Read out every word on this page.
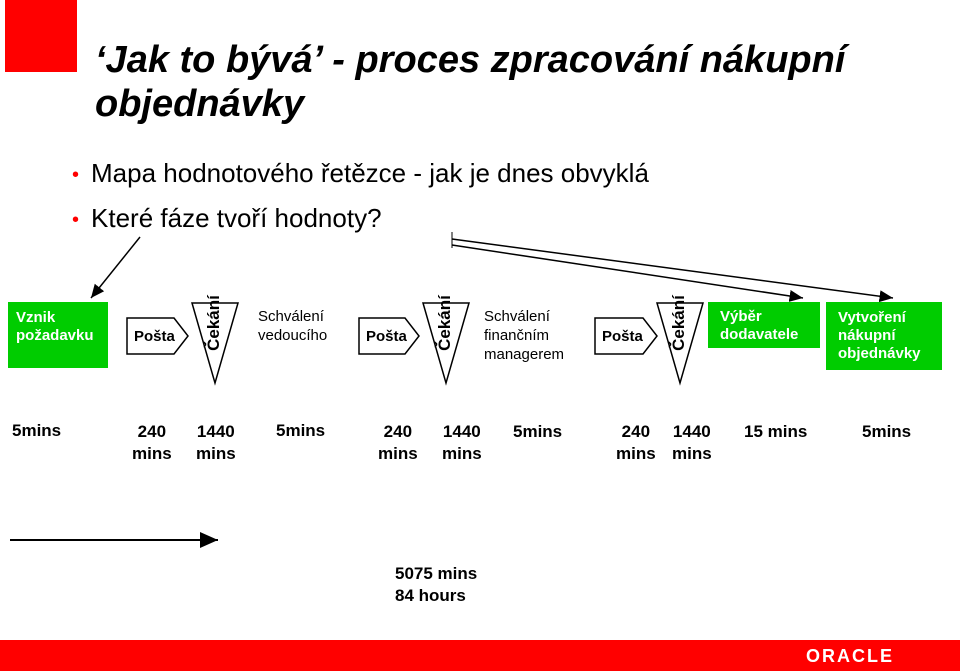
‘Jak to bývá’ - proces zpracování nákupní objednávky
• Mapa hodnotového řetězce - jak je dnes obvyklá
• Které fáze tvoří hodnoty?
Vznik
požadavku
Výběr
dodavatele
Vytvoření
nákupní
objednávky
Pošta	Pošta	Pošta
Čekání	Čekání	Čekání
Schválení
vedoucího
Schválení
finančním
managerem
5mins	240
mins
1440
mins
5mins	240
mins
1440
mins
5mins	240
mins
1440
mins
15 mins	5mins
5075 mins
84 hours
ORACLE
